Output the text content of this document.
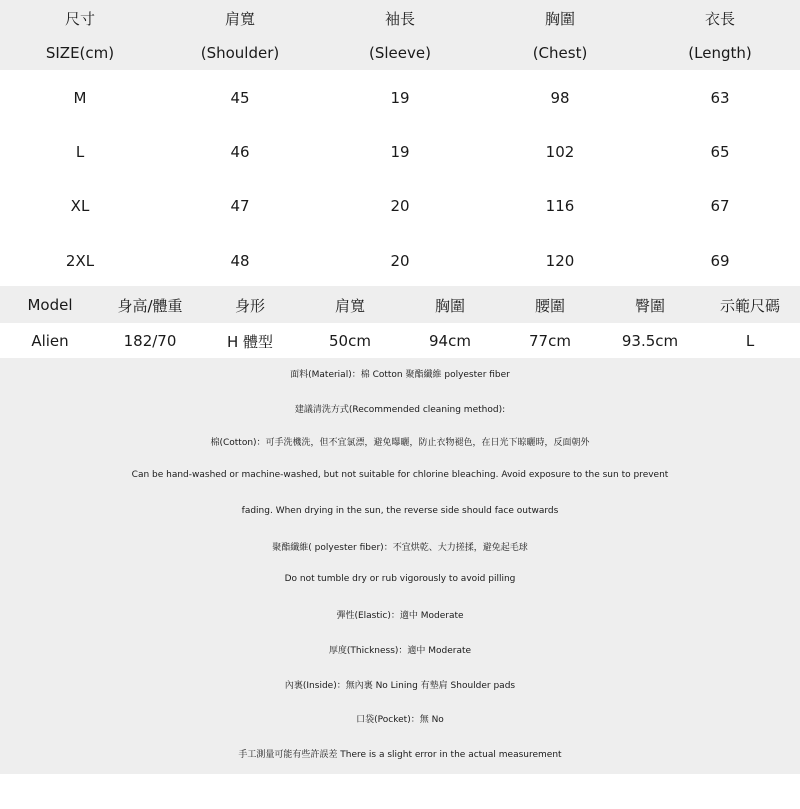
尺寸	肩寬	袖長	胸圍	衣長
SIZE(cm)	(Shoulder)	(Sleeve)	(Chest)	(Length)
M	45	19	98	63
L	46	19	102	65
XL	47	20	116	67
2XL	48	20	120	69
Model	身高/體重	身形	肩寬	胸圍	腰圍	臀圍	示範尺碼
Alien	182/70	H 體型	50cm	94cm	77cm	93.5cm	L
面料(Material)：棉 Cotton 聚酯纖維 polyester fiber
建議清洗方式(Recommended cleaning method):
棉(Cotton)：可手洗機洗，但不宜氯漂，避免曝曬，防止衣物褪色，在日光下晾曬時，反面朝外
Can be hand-washed or machine-washed, but not suitable for chlorine bleaching. Avoid exposure to the sun to prevent
fading. When drying in the sun, the reverse side should face outwards
聚酯纖維( polyester fiber)：不宜烘乾、大力搓揉，避免起毛球
Do not tumble dry or rub vigorously to avoid pilling
彈性(Elastic)：適中 Moderate
厚度(Thickness)：適中 Moderate
內裏(Inside)：無內裏 No Lining 有墊肩 Shoulder pads
口袋(Pocket)：無 No
手工測量可能有些許誤差 There is a slight error in the actual measurement
